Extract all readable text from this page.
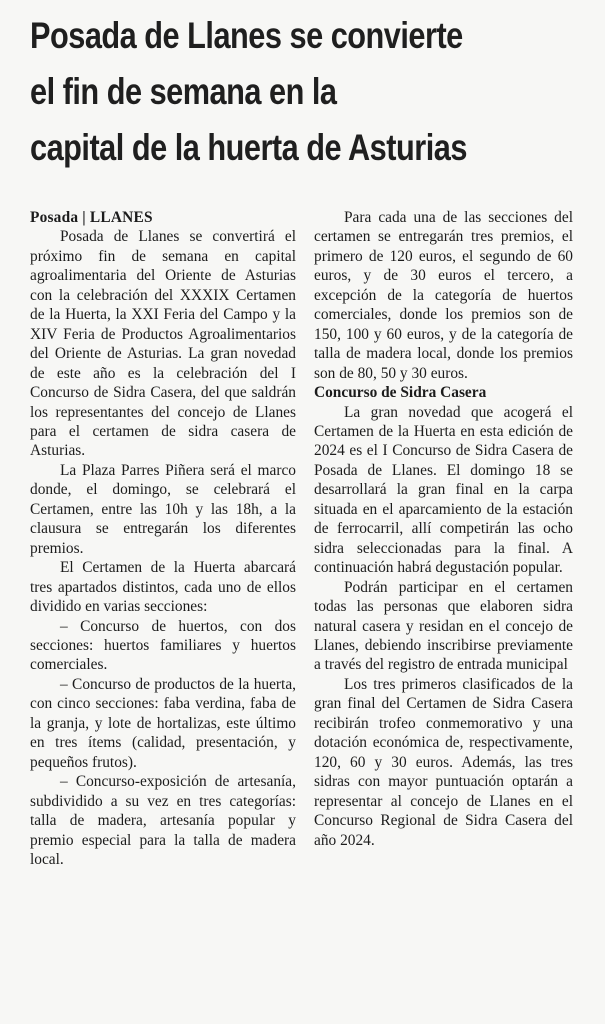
Posada de Llanes se convierte
el fin de semana en la
capital de la huerta de Asturias

Posada | LLANES

Posada de Llanes se convertirá el próximo fin de semana en capital agroalimentaria del Oriente de Asturias con la celebración del XXXIX Certamen de la Huerta, la XXI Feria del Campo y la XIV Feria de Productos Agroalimentarios del Oriente de Asturias. La gran novedad de este año es la celebración del I Concurso de Sidra Casera, del que saldrán los representantes del concejo de Llanes para el certamen de sidra casera de Asturias.

La Plaza Parres Piñera será el marco donde, el domingo, se celebrará el Certamen, entre las 10h y las 18h, a la clausura se entregarán los diferentes premios.

El Certamen de la Huerta abarcará tres apartados distintos, cada uno de ellos dividido en varias secciones:

– Concurso de huertos, con dos secciones: huertos familiares y huertos comerciales.

– Concurso de productos de la huerta, con cinco secciones: faba verdina, faba de la granja, y lote de hortalizas, este último en tres ítems (calidad, presentación, y pequeños frutos).

– Concurso-exposición de artesanía, subdividido a su vez en tres categorías: talla de madera, artesanía popular y premio especial para la talla de madera local.

Para cada una de las secciones del certamen se entregarán tres premios, el primero de 120 euros, el segundo de 60 euros, y de 30 euros el tercero, a excepción de la categoría de huertos comerciales, donde los premios son de 150, 100 y 60 euros, y de la categoría de talla de madera local, donde los premios son de 80, 50 y 30 euros.

Concurso de Sidra Casera

La gran novedad que acogerá el Certamen de la Huerta en esta edición de 2024 es el I Concurso de Sidra Casera de Posada de Llanes. El domingo 18 se desarrollará la gran final en la carpa situada en el aparcamiento de la estación de ferrocarril, allí competirán las ocho sidra seleccionadas para la final. A continuación habrá degustación popular.

Podrán participar en el certamen todas las personas que elaboren sidra natural casera y residan en el concejo de Llanes, debiendo inscribirse previamente a través del registro de entrada municipal

Los tres primeros clasificados de la gran final del Certamen de Sidra Casera recibirán trofeo conmemorativo y una dotación económica de, respectivamente, 120, 60 y 30 euros. Además, las tres sidras con mayor puntuación optarán a representar al concejo de Llanes en el Concurso Regional de Sidra Casera del año 2024.
